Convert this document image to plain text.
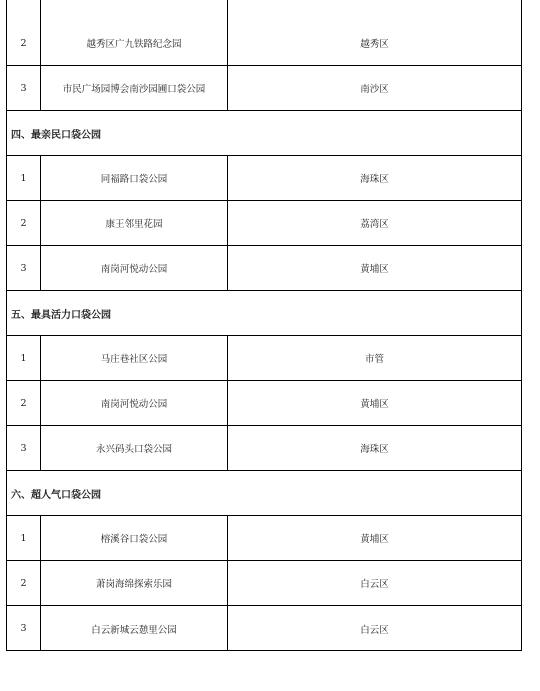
2	越秀区广九铁路纪念园	越秀区
3	市民广场园博会南沙园圃口袋公园	南沙区
四、最亲民口袋公园
1	同福路口袋公园	海珠区
2	康王邻里花园	荔湾区
3	南岗河悦动公园	黄埔区
五、最具活力口袋公园
1	马庄巷社区公园	市管
2	南岗河悦动公园	黄埔区
3	永兴码头口袋公园	海珠区
六、超人气口袋公园
1	榕溪谷口袋公园	黄埔区
2	萧岗海绵探索乐园	白云区
3	白云新城云憩里公园	白云区
